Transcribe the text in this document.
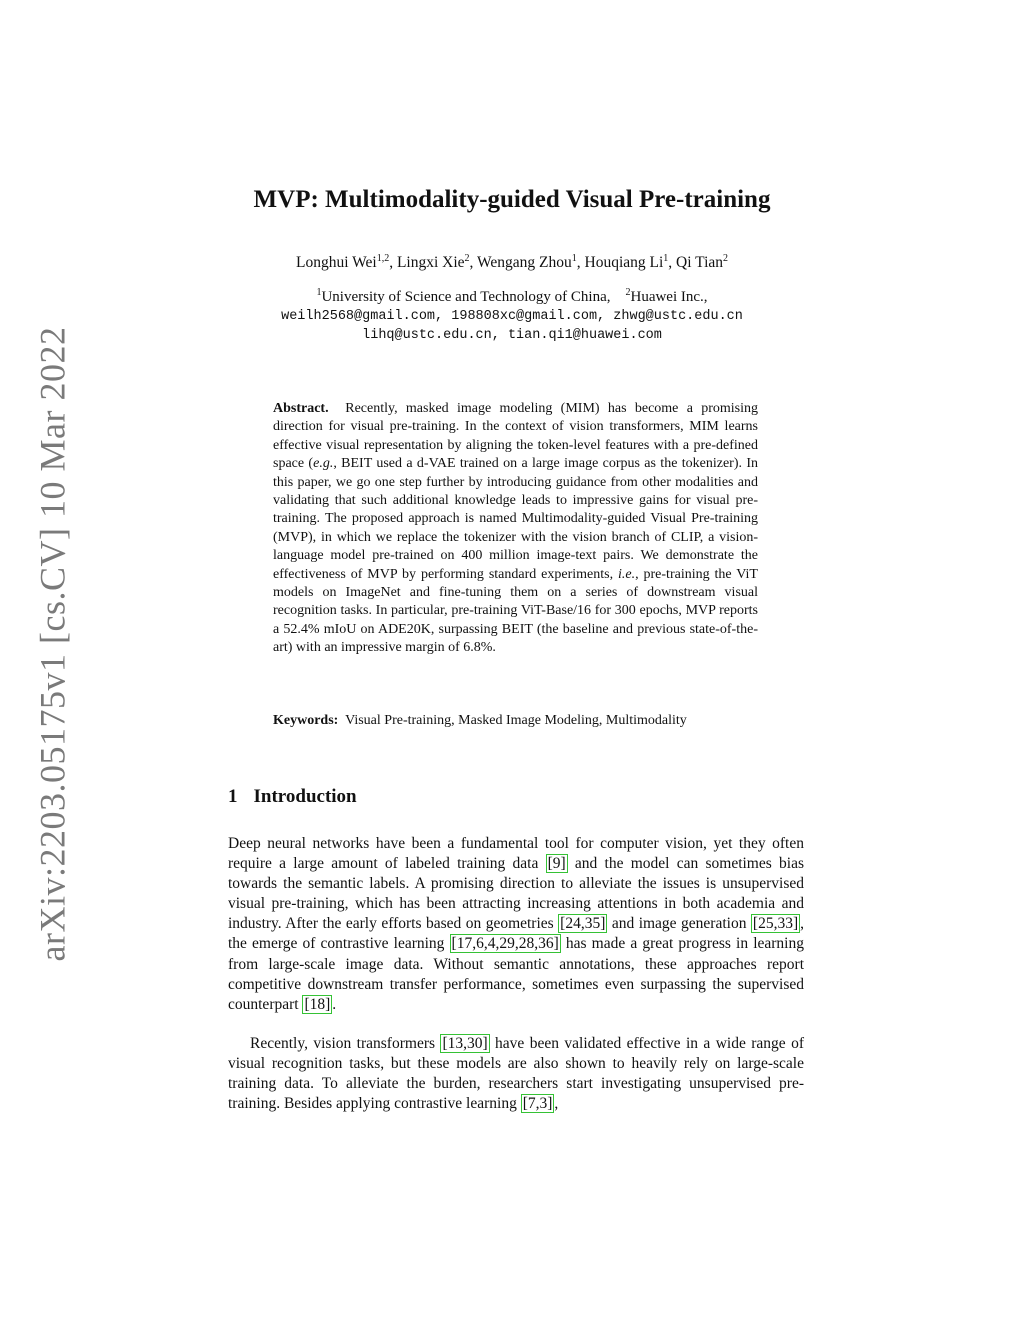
arXiv:2203.05175v1 [cs.CV] 10 Mar 2022
MVP: Multimodality-guided Visual Pre-training
Longhui Wei$^{1,2}$, Lingxi Xie$^2$, Wengang Zhou$^1$, Houqiang Li$^1$, Qi Tian$^2$
$^1$University of Science and Technology of China, $^2$Huawei Inc.,
weilh2568@gmail.com, 198808xc@gmail.com, zhwg@ustc.edu.cn
lihq@ustc.edu.cn, tian.qi1@huawei.com
Abstract. Recently, masked image modeling (MIM) has become a promising direction for visual pre-training. In the context of vision transformers, MIM learns effective visual representation by aligning the token-level features with a pre-defined space (e.g., BEIT used a d-VAE trained on a large image corpus as the tokenizer). In this paper, we go one step further by introducing guidance from other modalities and validating that such additional knowledge leads to impressive gains for visual pre-training. The proposed approach is named Multimodality-guided Visual Pre-training (MVP), in which we replace the tokenizer with the vision branch of CLIP, a vision-language model pre-trained on 400 million image-text pairs. We demonstrate the effectiveness of MVP by performing standard experiments, i.e., pre-training the ViT models on ImageNet and fine-tuning them on a series of downstream visual recognition tasks. In particular, pre-training ViT-Base/16 for 300 epochs, MVP reports a 52.4% mIoU on ADE20K, surpassing BEIT (the baseline and previous state-of-the-art) with an impressive margin of 6.8%.
Keywords: Visual Pre-training, Masked Image Modeling, Multimodality
1 Introduction
Deep neural networks have been a fundamental tool for computer vision, yet they often require a large amount of labeled training data [9] and the model can sometimes bias towards the semantic labels. A promising direction to alleviate the issues is unsupervised visual pre-training, which has been attracting increasing attentions in both academia and industry. After the early efforts based on geometries [24,35] and image generation [25,33] , the emerge of contrastive learning [17,6,4,29,28,36] has made a great progress in learning from large-scale image data. Without semantic annotations, these approaches report competitive downstream transfer performance, sometimes even surpassing the supervised counterpart [18] .
Recently, vision transformers [13,30] have been validated effective in a wide range of visual recognition tasks, but these models are also shown to heavily rely on large-scale training data. To alleviate the burden, researchers start investigating unsupervised pre-training. Besides applying contrastive learning [7,3] ,
